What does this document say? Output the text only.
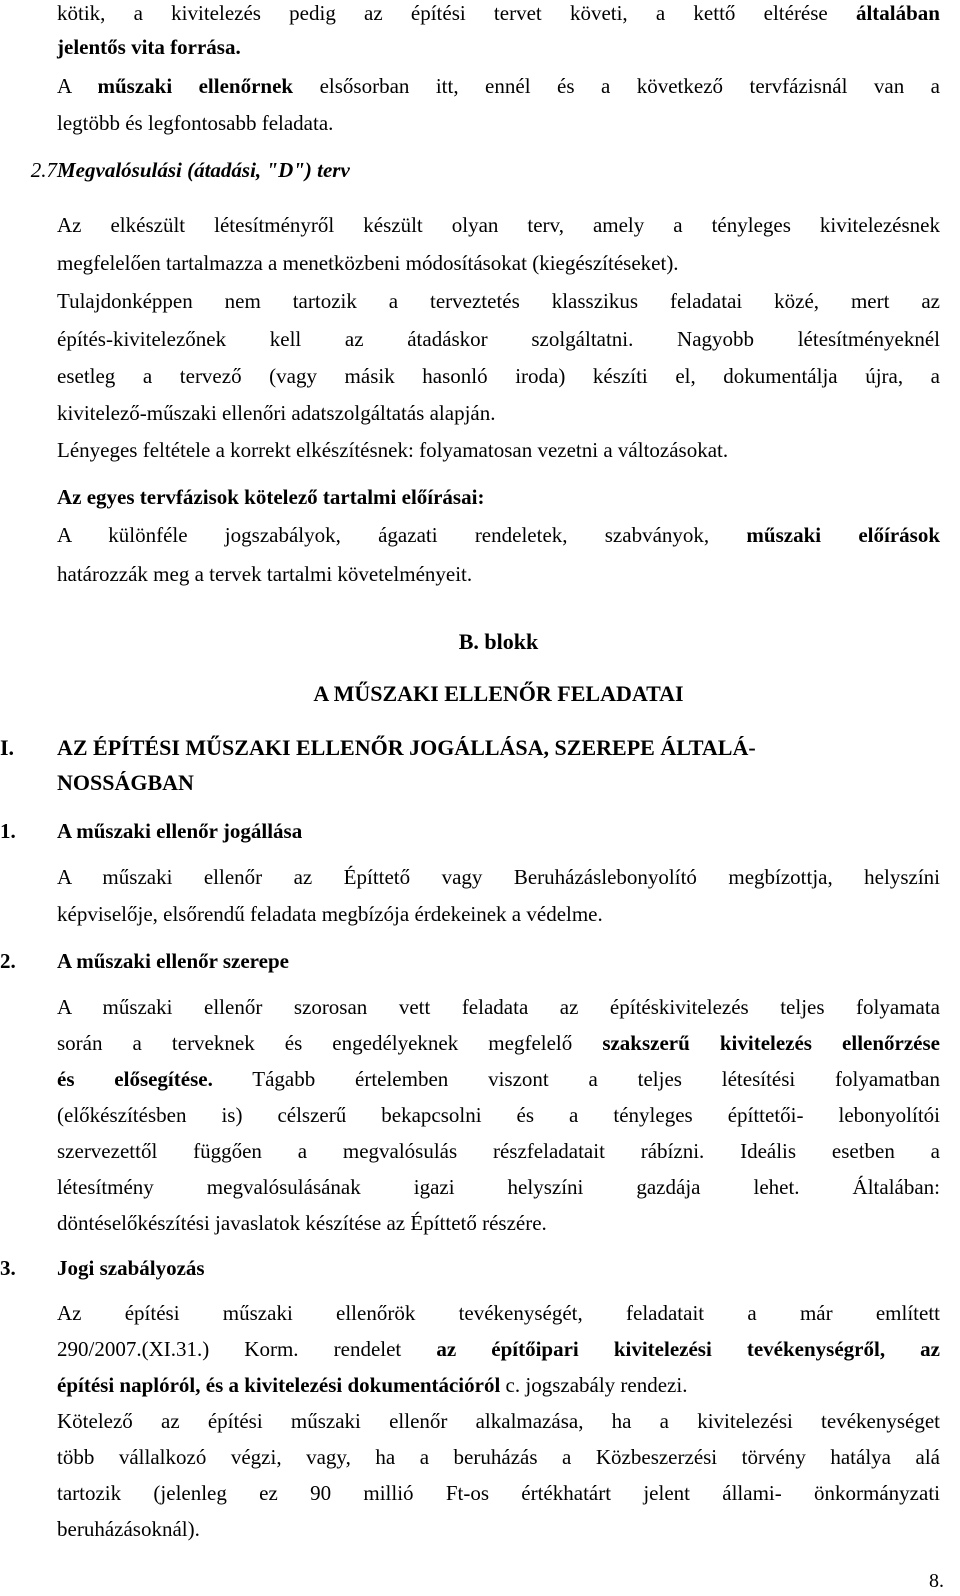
kötik, a kivitelezés pedig az építési tervet követi, a kettő eltérése általában
jelentős vita forrása.
A műszaki ellenőrnek elsősorban itt, ennél és a következő tervfázisnál van a
legtöbb és legfontosabb feladata.
2.7 Megvalósulási (átadási, "D") terv
Az elkészült létesítményről készült olyan terv, amely a tényleges kivitelezésnek
megfelelően tartalmazza a menetközbeni módosításokat (kiegészítéseket).
Tulajdonképpen nem tartozik a terveztetés klasszikus feladatai közé, mert az
építés-kivitelezőnek kell az átadáskor szolgáltatni. Nagyobb létesítményeknél
esetleg a tervező (vagy másik hasonló iroda) készíti el, dokumentálja újra, a
kivitelező-műszaki ellenőri adatszolgáltatás alapján.
Lényeges feltétele a korrekt elkészítésnek: folyamatosan vezetni a változásokat.
Az egyes tervfázisok kötelező tartalmi előírásai:
A különféle jogszabályok, ágazati rendeletek, szabványok, műszaki előírások
határozzák meg a tervek tartalmi követelményeit.
B. blokk
A MŰSZAKI ELLENŐR FELADATAI
I. AZ ÉPÍTÉSI MŰSZAKI ELLENŐR JOGÁLLÁSA, SZEREPE ÁLTALÁ-
NOSSÁGBAN
1. A műszaki ellenőr jogállása
A műszaki ellenőr az Építtető vagy Beruházáslebonyolító megbízottja, helyszíni
képviselője, elsőrendű feladata megbízója érdekeinek a védelme.
2. A műszaki ellenőr szerepe
A műszaki ellenőr szorosan vett feladata az építéskivitelezés teljes folyamata
során a terveknek és engedélyeknek megfelelő szakszerű kivitelezés ellenőrzése
és elősegítése. Tágabb értelemben viszont a teljes létesítési folyamatban
(előkészítésben is) célszerű bekapcsolni és a tényleges építtetői- lebonyolítói
szervezettől függően a megvalósulás részfeladatait rábízni. Ideális esetben a
létesítmény megvalósulásának igazi helyszíni gazdája lehet. Általában:
döntéselőkészítési javaslatok készítése az Építtető részére.
3. Jogi szabályozás
Az építési műszaki ellenőrök tevékenységét, feladatait a már említett
290/2007.(XI.31.) Korm. rendelet az építőipari kivitelezési tevékenységről, az
építési naplóról, és a kivitelezési dokumentációról c. jogszabály rendezi.
Kötelező az építési műszaki ellenőr alkalmazása, ha a kivitelezési tevékenységet
több vállalkozó végzi, vagy, ha a beruházás a Közbeszerzési törvény hatálya alá
tartozik (jelenleg ez 90 millió Ft-os értékhatárt jelent állami- önkormányzati
beruházásoknál).
8.
